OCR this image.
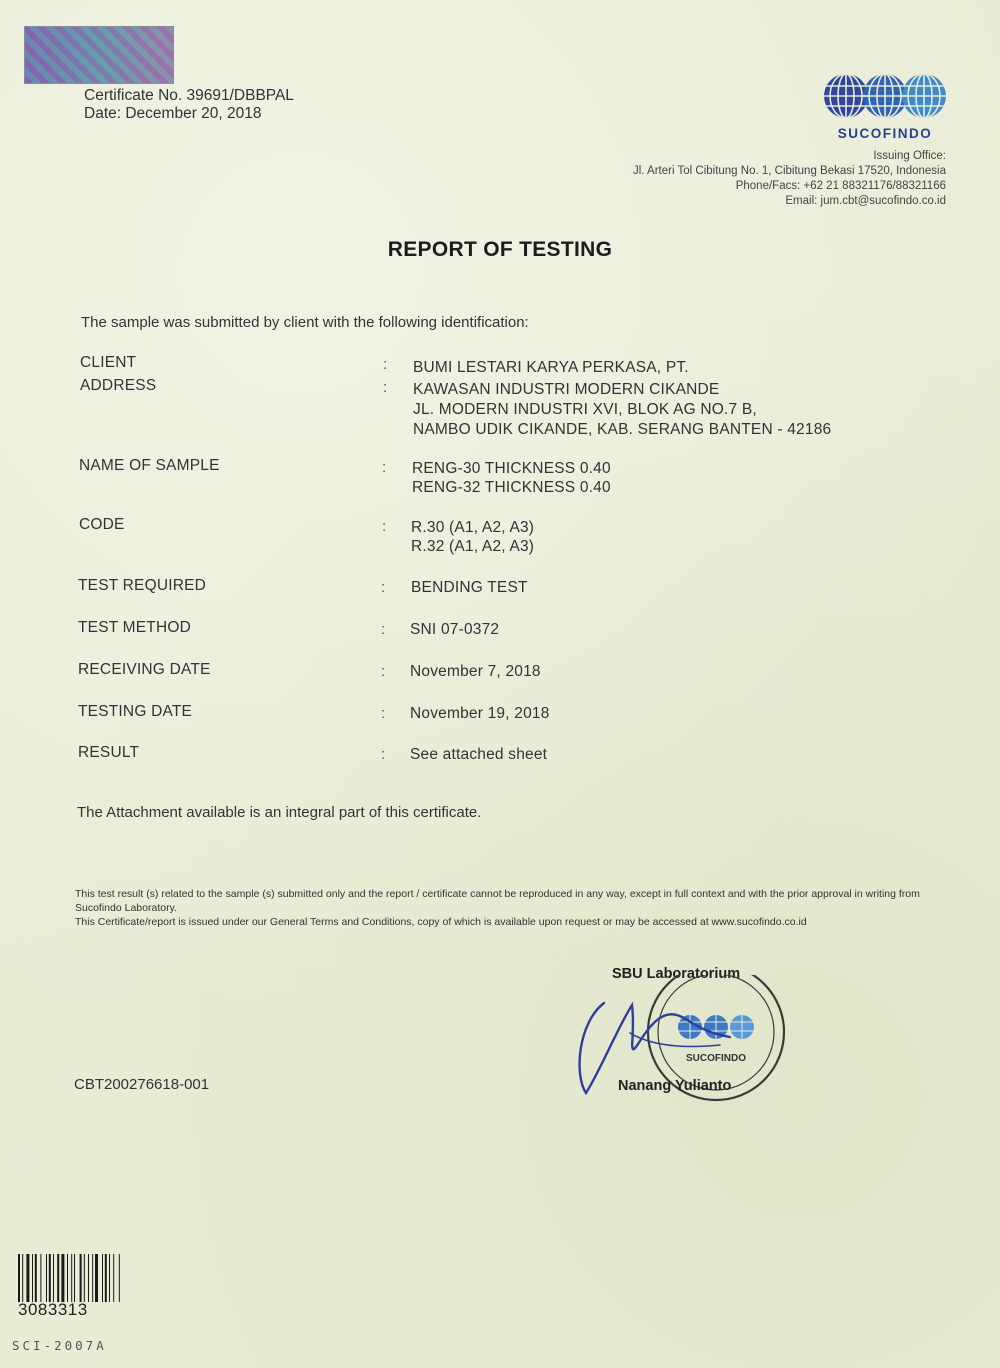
Certificate No. 39691/DBBPAL
Date: December 20, 2018
SUCOFINDO
Issuing Office:
Jl. Arteri Tol Cibitung No. 1, Cibitung Bekasi 17520, Indonesia
Phone/Facs: +62 21 88321176/88321166
Email: jum.cbt@sucofindo.co.id
REPORT OF TESTING
The sample was submitted by client with the following identification:
CLIENT	: BUMI LESTARI KARYA PERKASA, PT.
ADDRESS	: KAWASAN INDUSTRI MODERN CIKANDE
JL. MODERN INDUSTRI XVI, BLOK AG NO.7 B,
NAMBO UDIK CIKANDE, KAB. SERANG BANTEN - 42186
NAME OF SAMPLE	: RENG-30 THICKNESS 0.40
RENG-32 THICKNESS 0.40
CODE	: R.30 (A1, A2, A3)
R.32 (A1, A2, A3)
TEST REQUIRED	: BENDING TEST
TEST METHOD	: SNI 07-0372
RECEIVING DATE	: November 7, 2018
TESTING DATE	: November 19, 2018
RESULT	: See attached sheet
The Attachment available is an integral part of this certificate.
This test result (s) related to the sample (s) submitted only and the report / certificate cannot be reproduced in any way, except in full context and with the prior approval in writing from Sucofindo Laboratory.
This Certificate/report is issued under our General Terms and Conditions, copy of which is available upon request or may be accessed at www.sucofindo.co.id
SBU Laboratorium
SUCOFINDO
Nanang Yulianto
CBT200276618-001
3083313
SCI-2007A
